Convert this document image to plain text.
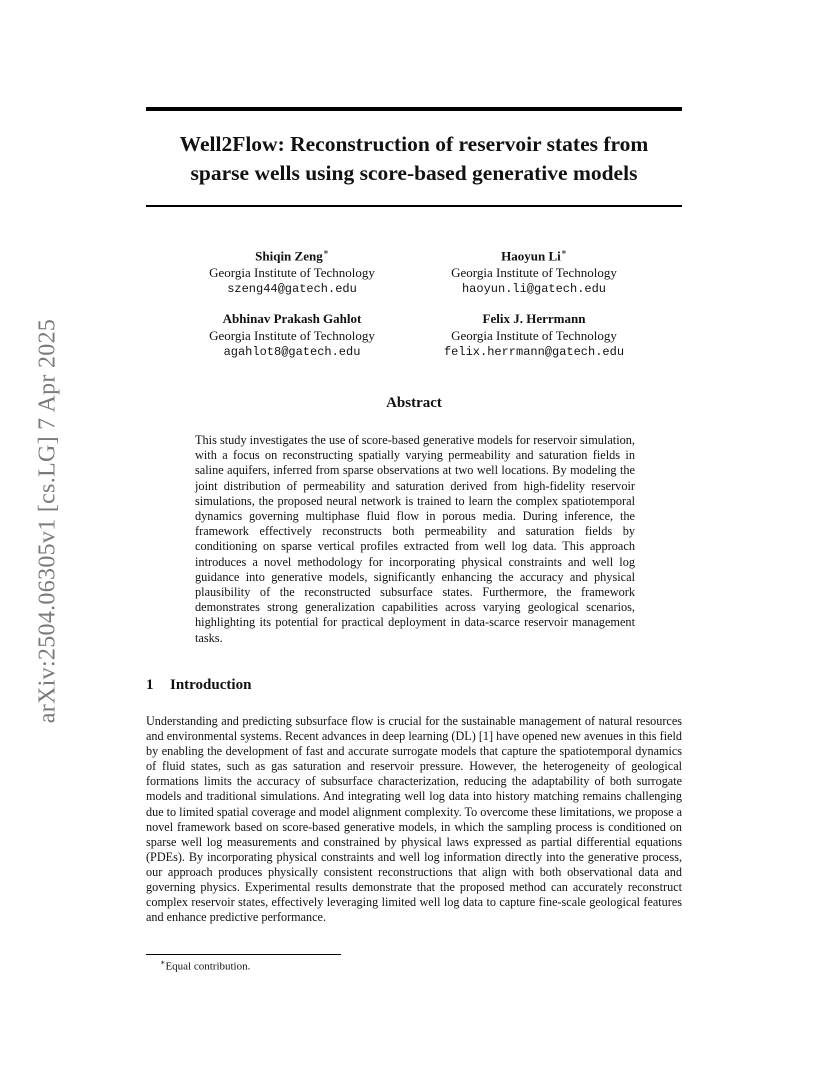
arXiv:2504.06305v1 [cs.LG] 7 Apr 2025
Well2Flow: Reconstruction of reservoir states from
sparse wells using score-based generative models
Shiqin Zeng∗
Georgia Institute of Technology
szeng44@gatech.edu
Haoyun Li∗
Georgia Institute of Technology
haoyun.li@gatech.edu
Abhinav Prakash Gahlot
Georgia Institute of Technology
agahlot8@gatech.edu
Felix J. Herrmann
Georgia Institute of Technology
felix.herrmann@gatech.edu
Abstract

This study investigates the use of score-based generative models for reservoir simulation, with a focus on reconstructing spatially varying permeability and saturation fields in saline aquifers, inferred from sparse observations at two well locations. By modeling the joint distribution of permeability and saturation derived from high-fidelity reservoir simulations, the proposed neural network is trained to learn the complex spatiotemporal dynamics governing multiphase fluid flow in porous media. During inference, the framework effectively reconstructs both permeability and saturation fields by conditioning on sparse vertical profiles extracted from well log data. This approach introduces a novel methodology for incorporating physical constraints and well log guidance into generative models, significantly enhancing the accuracy and physical plausibility of the reconstructed subsurface states. Furthermore, the framework demonstrates strong generalization capabilities across varying geological scenarios, highlighting its potential for practical deployment in data-scarce reservoir management tasks.

1 Introduction

Understanding and predicting subsurface flow is crucial for the sustainable management of natural resources and environmental systems. Recent advances in deep learning (DL) [1] have opened new avenues in this field by enabling the development of fast and accurate surrogate models that capture the spatiotemporal dynamics of fluid states, such as gas saturation and reservoir pressure. However, the heterogeneity of geological formations limits the accuracy of subsurface characterization, reducing the adaptability of both surrogate models and traditional simulations. And integrating well log data into history matching remains challenging due to limited spatial coverage and model alignment complexity. To overcome these limitations, we propose a novel framework based on score-based generative models, in which the sampling process is conditioned on sparse well log measurements and constrained by physical laws expressed as partial differential equations (PDEs). By incorporating physical constraints and well log information directly into the generative process, our approach produces physically consistent reconstructions that align with both observational data and governing physics. Experimental results demonstrate that the proposed method can accurately reconstruct complex reservoir states, effectively leveraging limited well log data to capture fine-scale geological features and enhance predictive performance.

∗Equal contribution.
